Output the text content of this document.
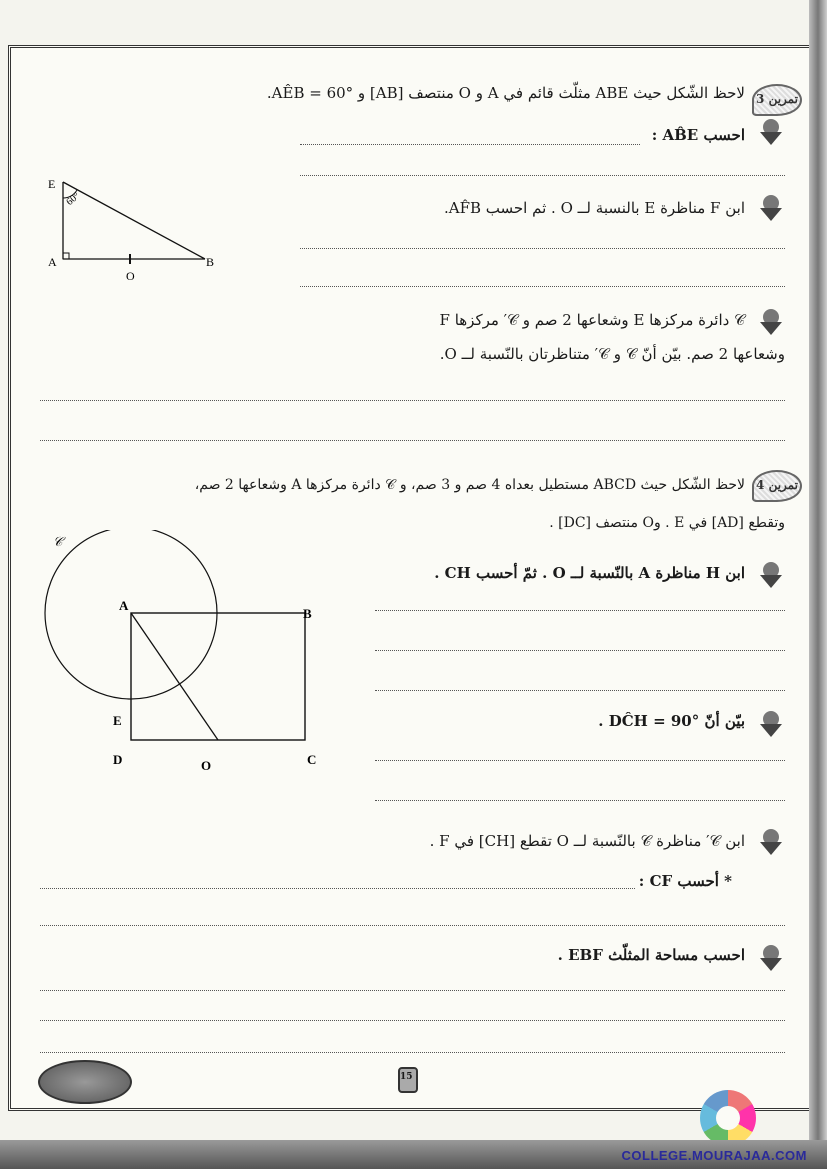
تمرين 3
لاحظ الشّكل حيث ABE مثلّث قائم في A و O منتصف [AB] و AÊB = 60°.
احسب AB̂E :
E
60°
A
O
B
ابن F مناظرة E بالنسبة لــ O . ثم احسب AF̂B.
𝒞 دائرة مركزها E وشعاعها 2 صم و 𝒞′ مركزها F
وشعاعها 2 صم. بيّن أنّ 𝒞 و 𝒞′ متناظرتان بالنّسبة لــ O.
تمرين 4
لاحظ الشّكل حيث ABCD مستطيل بعداه 4 صم و 3 صم، و 𝒞 دائرة مركزها A وشعاعها 2 صم،
وتقطع [AD] في E . وO منتصف [DC] .
𝒞
A
B
E
D	O	C
ابن H مناظرة A بالنّسبة لــ O . ثمّ أحسب CH .
بيّن أنّ DĈH = 90° .
ابن 𝒞′ مناظرة 𝒞 بالنّسبة لــ O تقطع [CH] في F .
* أحسب CF :
احسب مساحة المثلّث EBF .
15
COLLEGE.MOURAJAA.COM
